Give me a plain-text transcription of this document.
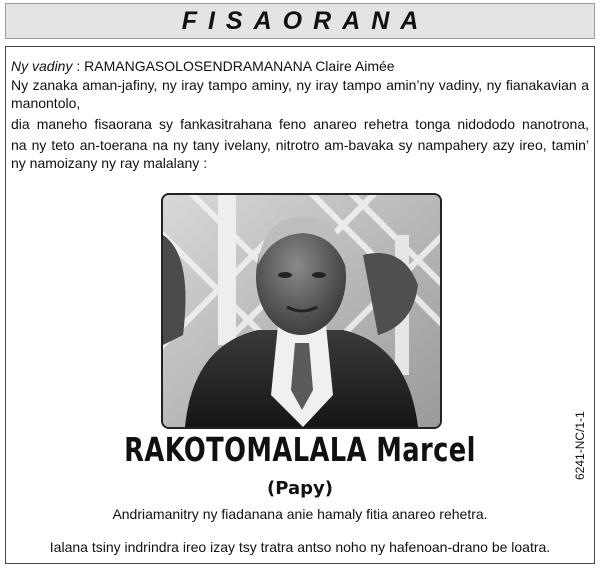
FISAORANA
Ny vadiny : RAMANGASOLOSENDRAMANANA Claire Aimée
Ny zanaka aman-jafiny, ny iray tampo aminy, ny iray tampo amin’ny vadiny, ny fianakavian a
manontolo,
dia maneho fisaorana sy fankasitrahana feno anareo rehetra tonga nidododo nanotrona,
na ny teto an-toerana na ny tany ivelany, nitrotro am-bavaka sy nampahery azy ireo, tamin’
ny namoizany ny ray malalany :
RAKOTOMALALA Marcel
(Papy)
Andriamanitry ny fiadanana anie hamaly fitia anareo rehetra.
Ialana tsiny indrindra ireo izay tsy tratra antso noho ny hafenoan-drano be loatra.
6241-NC/1-1
